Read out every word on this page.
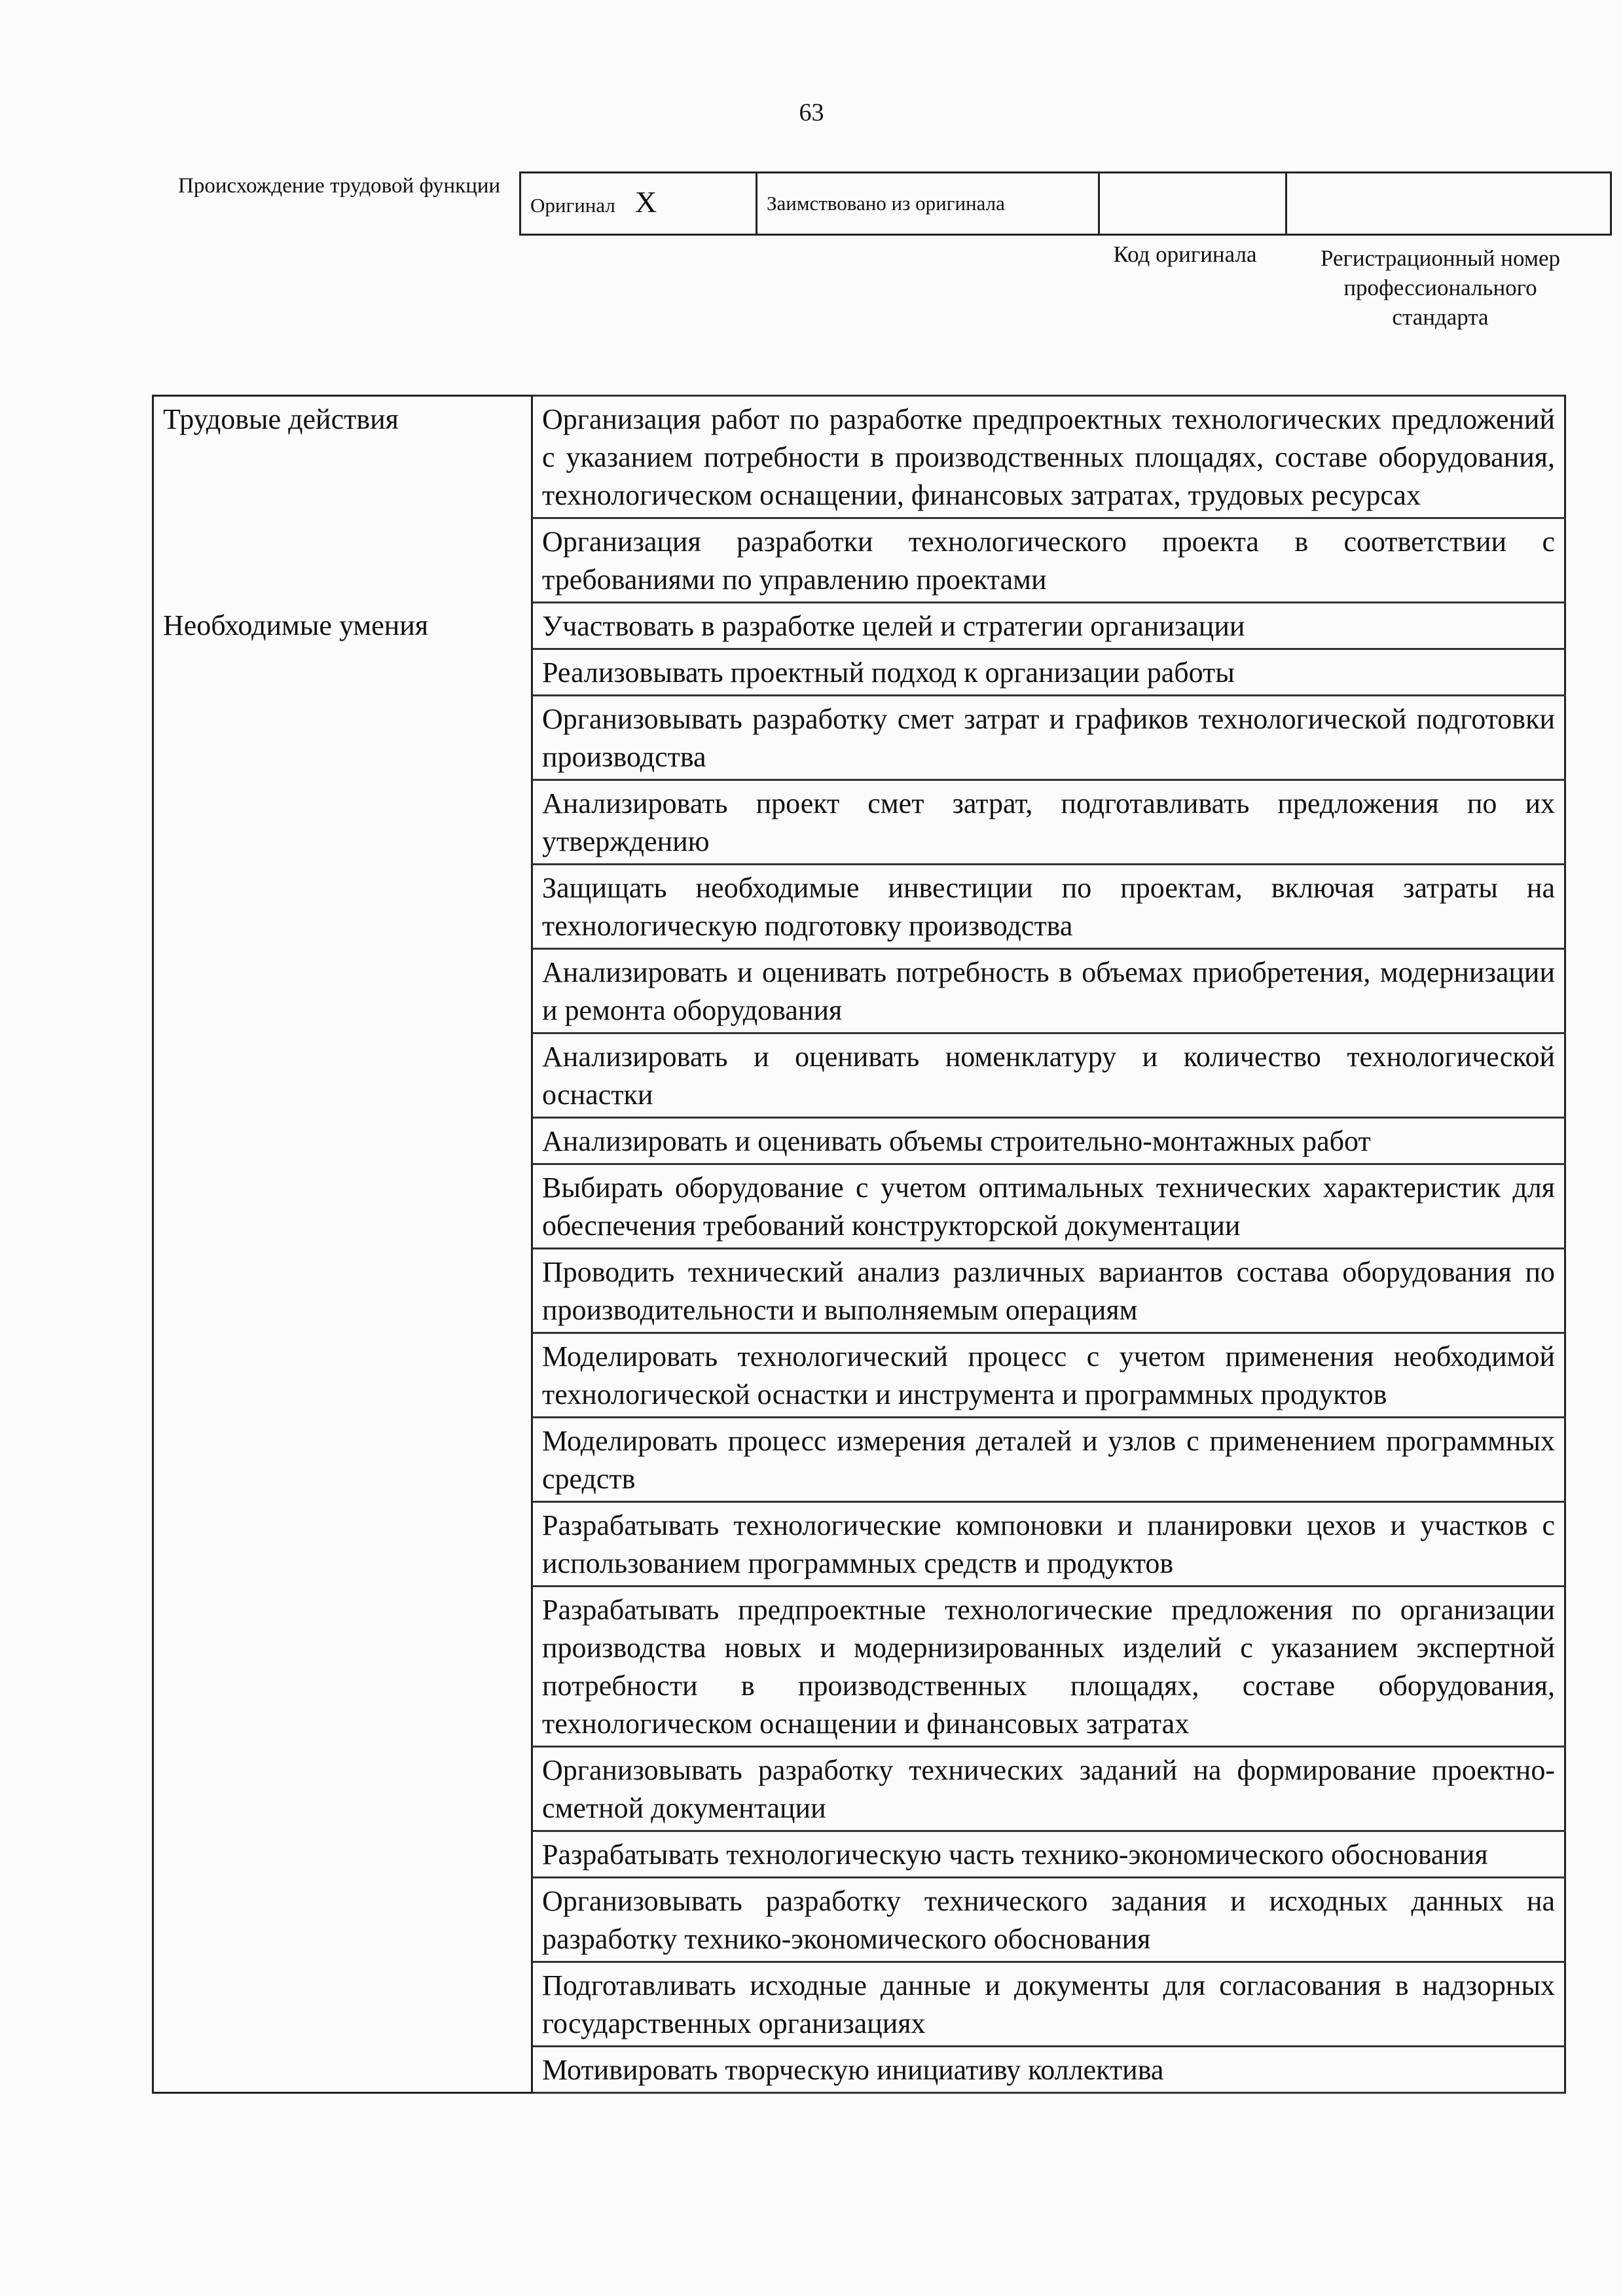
63
Происхождение трудовой функции
Оригинал X	Заимствовано из оригинала		
Код оригинала	Регистрационный номер профессионального стандарта
Трудовые действия	Организация работ по разработке предпроектных технологических предложений с указанием потребности в производственных площадях, составе оборудования, технологическом оснащении, финансовых затратах, трудовых ресурсах
	Организация разработки технологического проекта в соответствии с требованиями по управлению проектами
Необходимые умения	Участвовать в разработке целей и стратегии организации
	Реализовывать проектный подход к организации работы
	Организовывать разработку смет затрат и графиков технологической подготовки производства
	Анализировать проект смет затрат, подготавливать предложения по их утверждению
	Защищать необходимые инвестиции по проектам, включая затраты на технологическую подготовку производства
	Анализировать и оценивать потребность в объемах приобретения, модернизации и ремонта оборудования
	Анализировать и оценивать номенклатуру и количество технологической оснастки
	Анализировать и оценивать объемы строительно-монтажных работ
	Выбирать оборудование с учетом оптимальных технических характеристик для обеспечения требований конструкторской документации
	Проводить технический анализ различных вариантов состава оборудования по производительности и выполняемым операциям
	Моделировать технологический процесс с учетом применения необходимой технологической оснастки и инструмента и программных продуктов
	Моделировать процесс измерения деталей и узлов с применением программных средств
	Разрабатывать технологические компоновки и планировки цехов и участков с использованием программных средств и продуктов
	Разрабатывать предпроектные технологические предложения по организации производства новых и модернизированных изделий с указанием экспертной потребности в производственных площадях, составе оборудования, технологическом оснащении и финансовых затратах
	Организовывать разработку технических заданий на формирование проектно-сметной документации
	Разрабатывать технологическую часть технико-экономического обоснования
	Организовывать разработку технического задания и исходных данных на разработку технико-экономического обоснования
	Подготавливать исходные данные и документы для согласования в надзорных государственных организациях
	Мотивировать творческую инициативу коллектива
